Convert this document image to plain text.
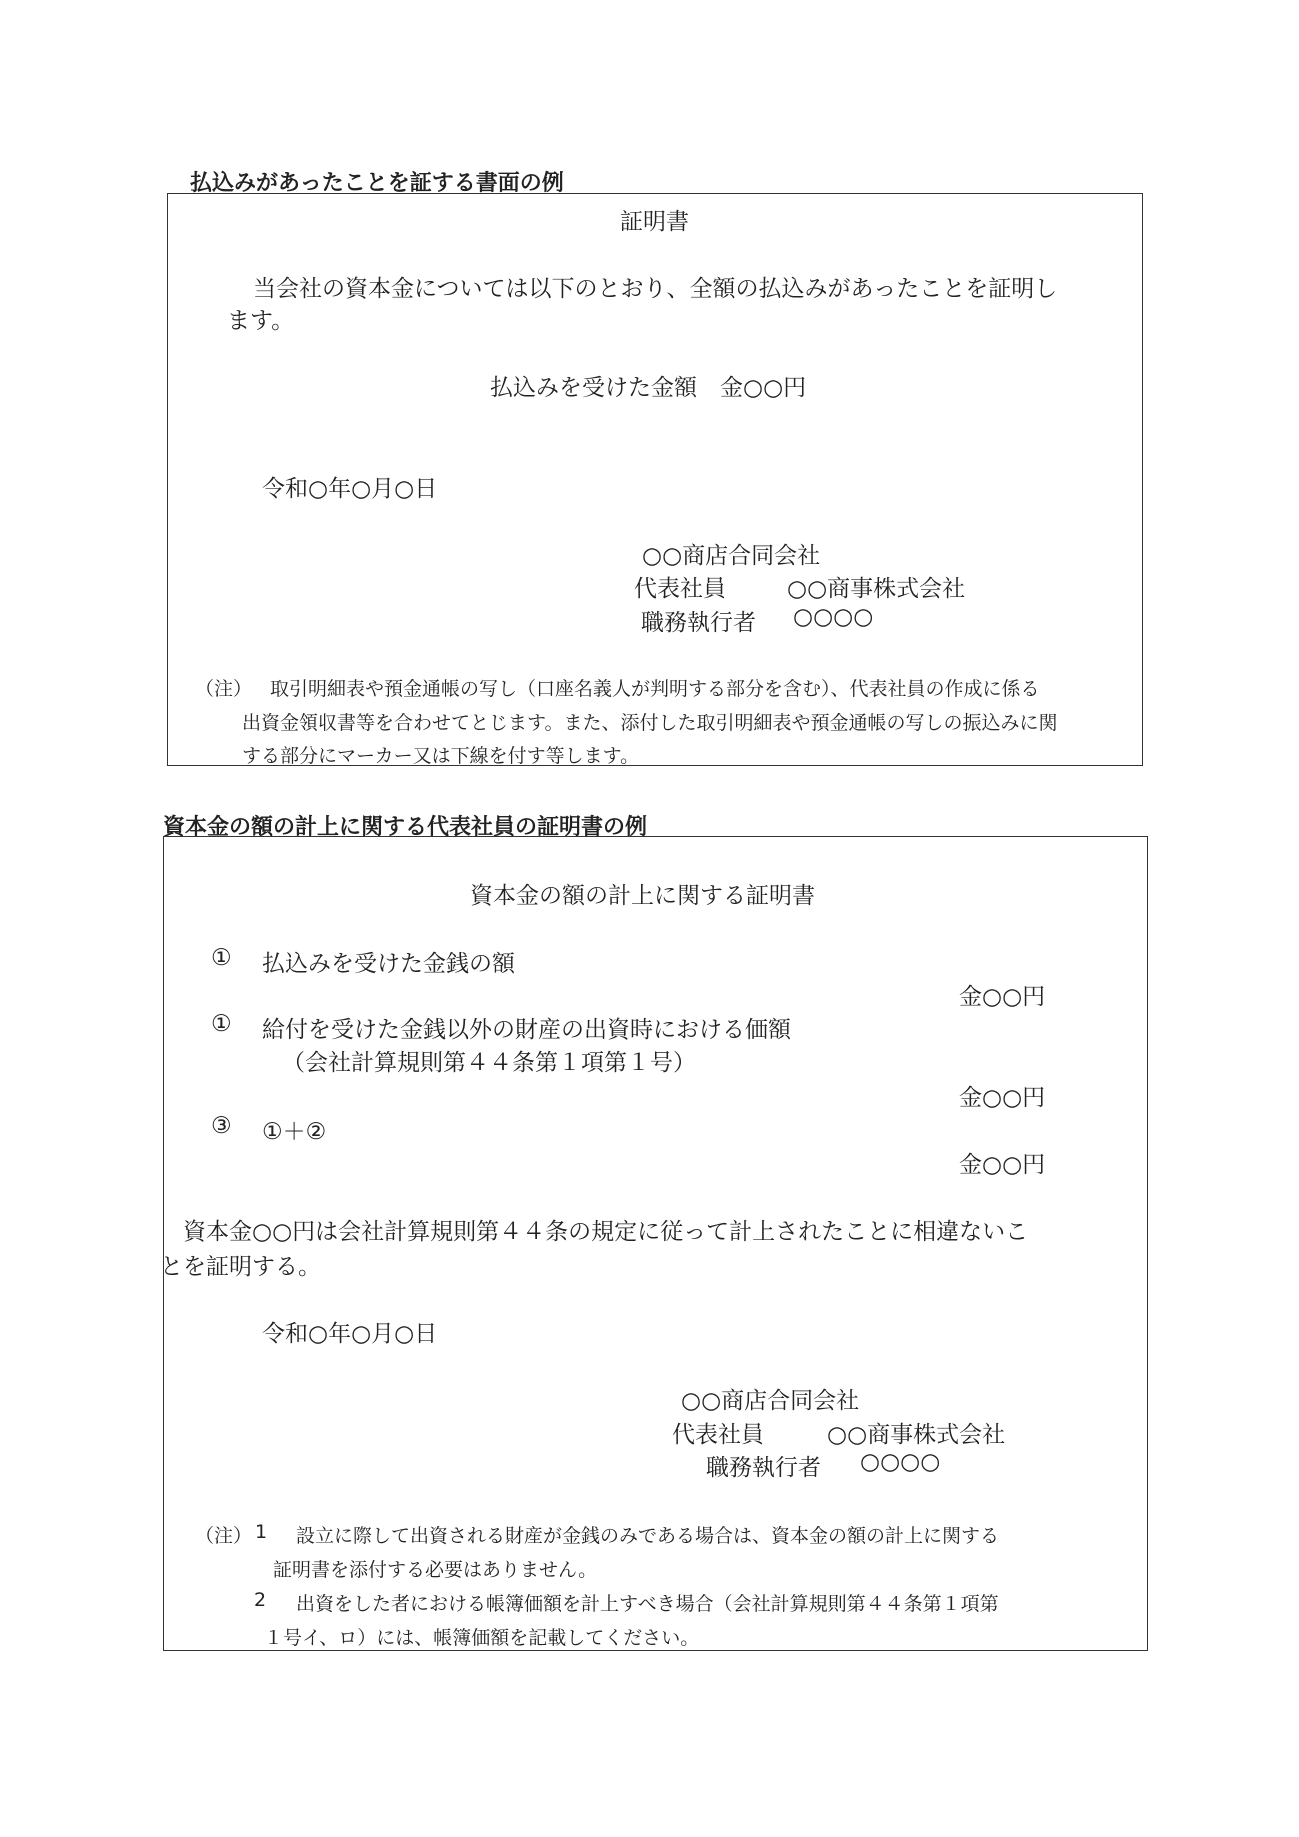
払込みがあったことを証する書面の例
証明書
当会社の資本金については以下のとおり、全額の払込みがあったことを証明し
ます。
払込みを受けた金額　金○○円
令和○年○月○日
○○商店合同会社
代表社員	○○商事株式会社
職務執行者 ○○○○
（注） 取引明細表や預金通帳の写し（口座名義人が判明する部分を含む）、代表社員の作成に係る
出資金領収書等を合わせてとじます。また、添付した取引明細表や預金通帳の写しの振込みに関
する部分にマーカー又は下線を付す等します。
資本金の額の計上に関する代表社員の証明書の例
資本金の額の計上に関する証明書
① 払込みを受けた金銭の額
金○○円
① 給付を受けた金銭以外の財産の出資時における価額
（会社計算規則第４４条第１項第１号）
金○○円
③ ①＋②
金○○円
資本金○○円は会社計算規則第４４条の規定に従って計上されたことに相違ないこ
とを証明する。
令和○年○月○日
○○商店合同会社
代表社員	○○商事株式会社
職務執行者 ○○○○
（注） 1 設立に際して出資される財産が金銭のみである場合は、資本金の額の計上に関する
証明書を添付する必要はありません。
2 出資をした者における帳簿価額を計上すべき場合（会社計算規則第４４条第１項第
１号イ、ロ）には、帳簿価額を記載してください。
